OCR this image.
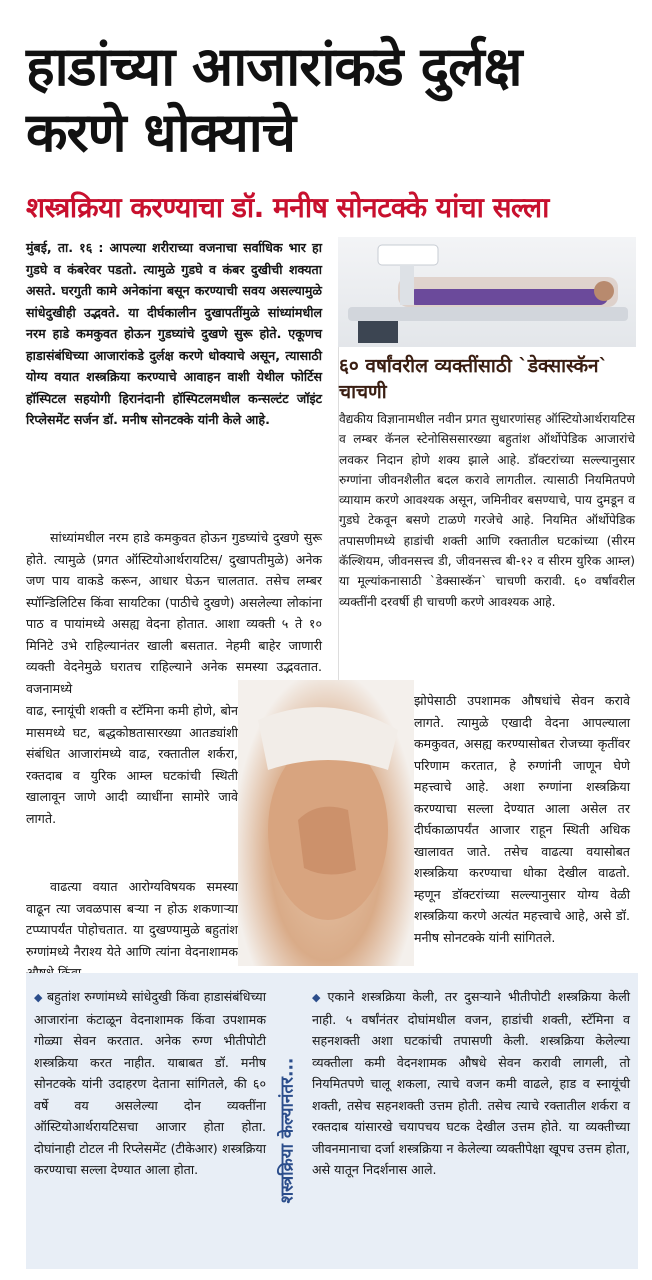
हाडांच्या आजारांकडे दुर्लक्ष करणे धोक्याचे
शस्त्रक्रिया करण्याचा डॉ. मनीष सोनटक्के यांचा सल्ला

मुंबई, ता. १६ : आपल्या शरीराच्या वजनाचा सर्वाधिक भार हा गुडघे व कंबरेवर पडतो. त्यामुळे गुडघे व कंबर दुखीची शक्यता असते. घरगुती कामे अनेकांना बसून करण्याची सवय असल्यामुळे सांधेदुखीही उद्भवते. या दीर्घकालीन दुखापतींमुळे सांध्यांमधील नरम हाडे कमकुवत होऊन गुडघ्यांचे दुखणे सुरू होते. एकूणच हाडासंबंधिच्या आजारांकडे दुर्लक्ष करणे धोक्याचे असून, त्यासाठी योग्य वयात शस्त्रक्रिया करण्याचे आवाहन वाशी येथील फोर्टिस हॉस्पिटल सहयोगी हिरानंदानी हॉस्पिटलमधील कन्सल्टंट जॉइंट रिप्लेसमेंट सर्जन डॉ. मनीष सोनटक्के यांनी केले आहे.

६० वर्षांवरील व्यक्तींसाठी `डेक्सास्कॅन` चाचणी

वैद्यकीय विज्ञानामधील नवीन प्रगत सुधारणांसह ऑस्टियोआर्थरायटिस व लम्बर कॅनल स्टेनोसिससारख्या बहुतांश ऑर्थोपेडिक आजारांचे लवकर निदान होणे शक्य झाले आहे. डॉक्टरांच्या सल्ल्यानुसार रुग्णांना जीवनशैलीत बदल करावे लागतील. त्यासाठी नियमितपणे व्यायाम करणे आवश्यक असून, जमिनीवर बसण्याचे, पाय दुमडून व गुडघे टेकवून बसणे टाळणे गरजेचे आहे. नियमित ऑर्थोपेडिक तपासणीमध्ये हाडांची शक्ती आणि रक्तातील घटकांच्या (सीरम कॅल्शियम, जीवनसत्त्व डी, जीवनसत्त्व बी-१२ व सीरम युरिक आम्ल) या मूल्यांकनासाठी `डेक्सास्कॅन` चाचणी करावी. ६० वर्षांवरील व्यक्तींनी दरवर्षी ही चाचणी करणे आवश्यक आहे.

सांध्यांमधील नरम हाडे कमकुवत होऊन गुडघ्यांचे दुखणे सुरू होते. त्यामुळे (प्रगत ऑस्टियोआर्थरायटिस/ दुखापतीमुळे) अनेक जण पाय वाकडे करून, आधार घेऊन चालतात. तसेच लम्बर स्पॉन्डिलिटिस किंवा सायटिका (पाठीचे दुखणे) असलेल्या लोकांना पाठ व पायांमध्ये असह्य वेदना होतात. आशा व्यक्ती ५ ते १० मिनिटे उभे राहिल्यानंतर खाली बसतात. नेहमी बाहेर जाणारी व्यक्ती वेदनेमुळे घरातच राहिल्याने अनेक समस्या उद्भवतात. वजनामध्ये

वाढ, स्नायूंची शक्ती व स्टॅमिना कमी होणे, बोन मासमध्ये घट, बद्धकोष्ठतासारख्या आतड्यांशी संबंधित आजारांमध्ये वाढ, रक्तातील शर्करा, रक्तदाब व युरिक आम्ल घटकांची स्थिती खालावून जाणे आदी व्याधींना सामोरे जावे लागते.

वाढत्या वयात आरोग्यविषयक समस्या वाढून त्या जवळपास बऱ्या न होऊ शकणाऱ्या टप्प्यापर्यंत पोहोचतात. या दुखण्यामुळे बहुतांश रुग्णांमध्ये नैराश्य येते आणि त्यांना वेदनाशामक

झोपेसाठी उपशामक औषधांचे सेवन करावे लागते. त्यामुळे एखादी वेदना आपल्याला कमकुवत, असह्य करण्यासोबत रोजच्या कृतींवर परिणाम करतात, हे रुग्णांनी जाणून घेणे महत्त्वाचे आहे. अशा रुग्णांना शस्त्रक्रिया करण्याचा सल्ला देण्यात आला असेल तर दीर्घकाळापर्यंत आजार राहून स्थिती अधिक खालावत जाते. तसेच वाढत्या वयासोबत शस्त्रक्रिया करण्याचा धोका देखील वाढतो. म्हणून डॉक्टरांच्या सल्ल्यानुसार योग्य वेळी शस्त्रक्रिया करणे अत्यंत महत्त्वाचे आहे, असे डॉ. मनीष सोनटक्के यांनी सांगितले.

◆ बहुतांश रुग्णांमध्ये सांधेदुखी किंवा हाडासंबंधिच्या आजारांना कंटाळून वेदनाशामक किंवा उपशामक गोळ्या सेवन करतात. अनेक रुग्ण भीतीपोटी शस्त्रक्रिया करत नाहीत. याबाबत डॉ. मनीष सोनटक्के यांनी उदाहरण देताना सांगितले, की ६० वर्षे वय असलेल्या दोन व्यक्तींना ऑस्टियोआर्थरायटिसचा आजार होता होता. दोघांनाही टोटल नी रिप्लेसमेंट (टीकेआर) शस्त्रक्रिया करण्याचा सल्ला देण्यात आला होता.	शस्त्रक्रिया केल्यानंतर...

◆ एकाने शस्त्रक्रिया केली, तर दुसऱ्याने भीतीपोटी शस्त्रक्रिया केली नाही. ५ वर्षांनंतर दोघांमधील वजन, हाडांची शक्ती, स्टॅमिना व सहनशक्ती अशा घटकांची तपासणी केली. शस्त्रक्रिया केलेल्या व्यक्तीला कमी वेदनशामक औषधे सेवन करावी लागली, तो नियमितपणे चालू शकला, त्याचे वजन कमी वाढले, हाड व स्नायूंची शक्ती, तसेच सहनशक्ती उत्तम होती. तसेच त्याचे रक्तातील शर्करा व रक्तदाब यांसारखे चयापचय घटक देखील उत्तम होते. या व्यक्तीच्या जीवनमानाचा दर्जा शस्त्रक्रिया न केलेल्या व्यक्तीपेक्षा खूपच उत्तम होता, असे यातून निदर्शनास आले.
